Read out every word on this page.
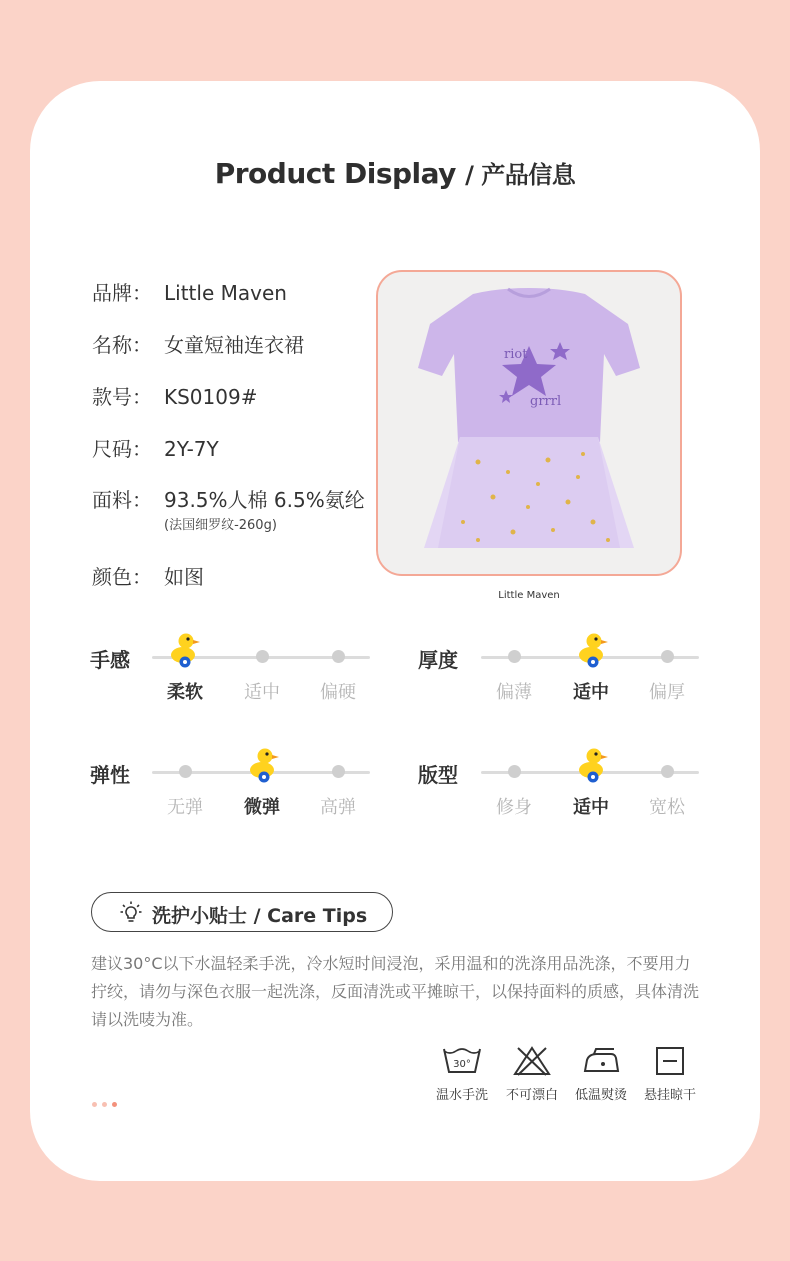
Product Display / 产品信息
品牌： Little Maven
名称： 女童短袖连衣裙
款号： KS0109#
尺码： 2Y-7Y
面料： 93.5%人棉 6.5%氨纶
(法国细罗纹-260g)
颜色： 如图
riot
grrrl
Little Maven
手感
柔软	适中	偏硬
厚度
偏薄	适中	偏厚
弹性
无弹	微弹	高弹
版型
修身	适中	宽松
洗护小贴士 / Care Tips
建议30°C以下水温轻柔手洗，冷水短时间浸泡，采用温和的洗涤用品洗涤，不要用力拧绞，请勿与深色衣服一起洗涤，反面清洗或平摊晾干，以保持面料的质感，具体清洗请以洗唛为准。
30°
温水手洗	不可漂白	低温熨烫	悬挂晾干
